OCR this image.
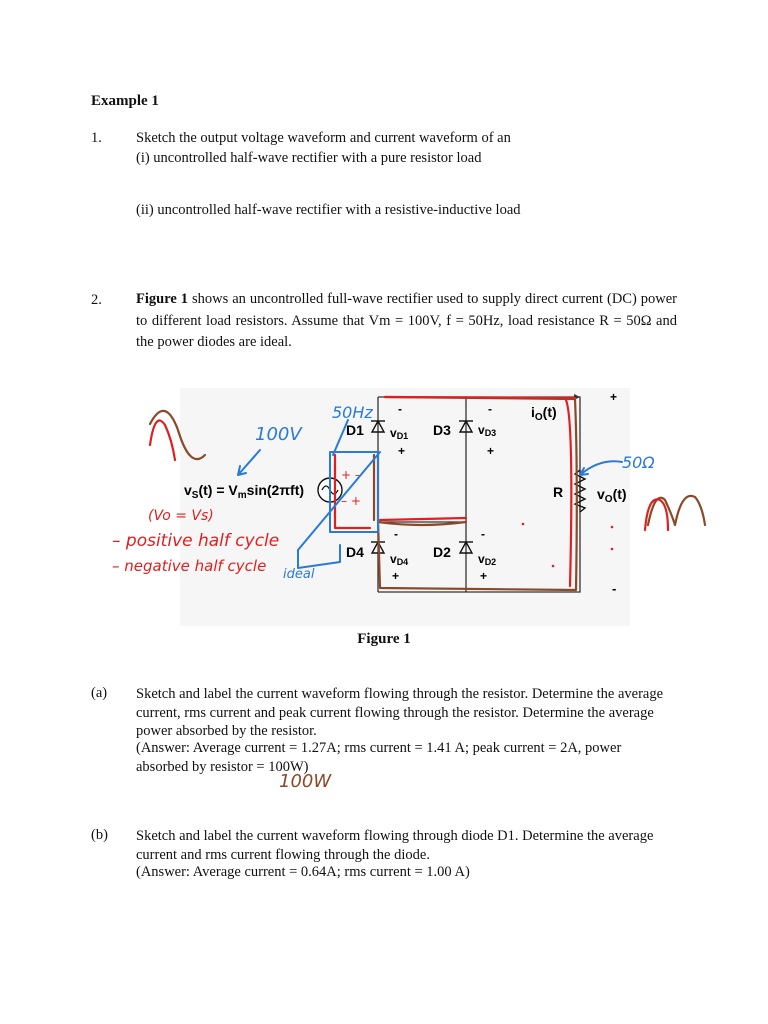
Example 1
1. Sketch the output voltage waveform and current waveform of an
(i) uncontrolled half-wave rectifier with a pure resistor load
(ii) uncontrolled half-wave rectifier with a resistive-inductive load
2. Figure 1 shows an uncontrolled full-wave rectifier used to supply direct current (DC) power to different load resistors. Assume that Vm = 100V, f = 50Hz, load resistance R = 50Ω and the power diodes are ideal.
D1 vD1 D3 vD3
D4 vD4
D2 vD2
$i_O(t)$
R $v_O(t)$
$v_S(t) = V_m\sin(2\pi ft)$
-
+
-
+
-
+
-
+
+
-
+ –
– +
(Vo = Vs)
– positive half cycle
– negative half cycle
50Hz
100V
50Ω
ideal
Figure 1
(a) Sketch and label the current waveform flowing through the resistor. Determine the average current, rms current and peak current flowing through the resistor. Determine the average power absorbed by the resistor.
(Answer: Average current = 1.27A; rms current = 1.41 A; peak current = 2A, power absorbed by resistor = 100W)
100W
(b) Sketch and label the current waveform flowing through diode D1. Determine the average current and rms current flowing through the diode.
(Answer: Average current = 0.64A; rms current = 1.00 A)
